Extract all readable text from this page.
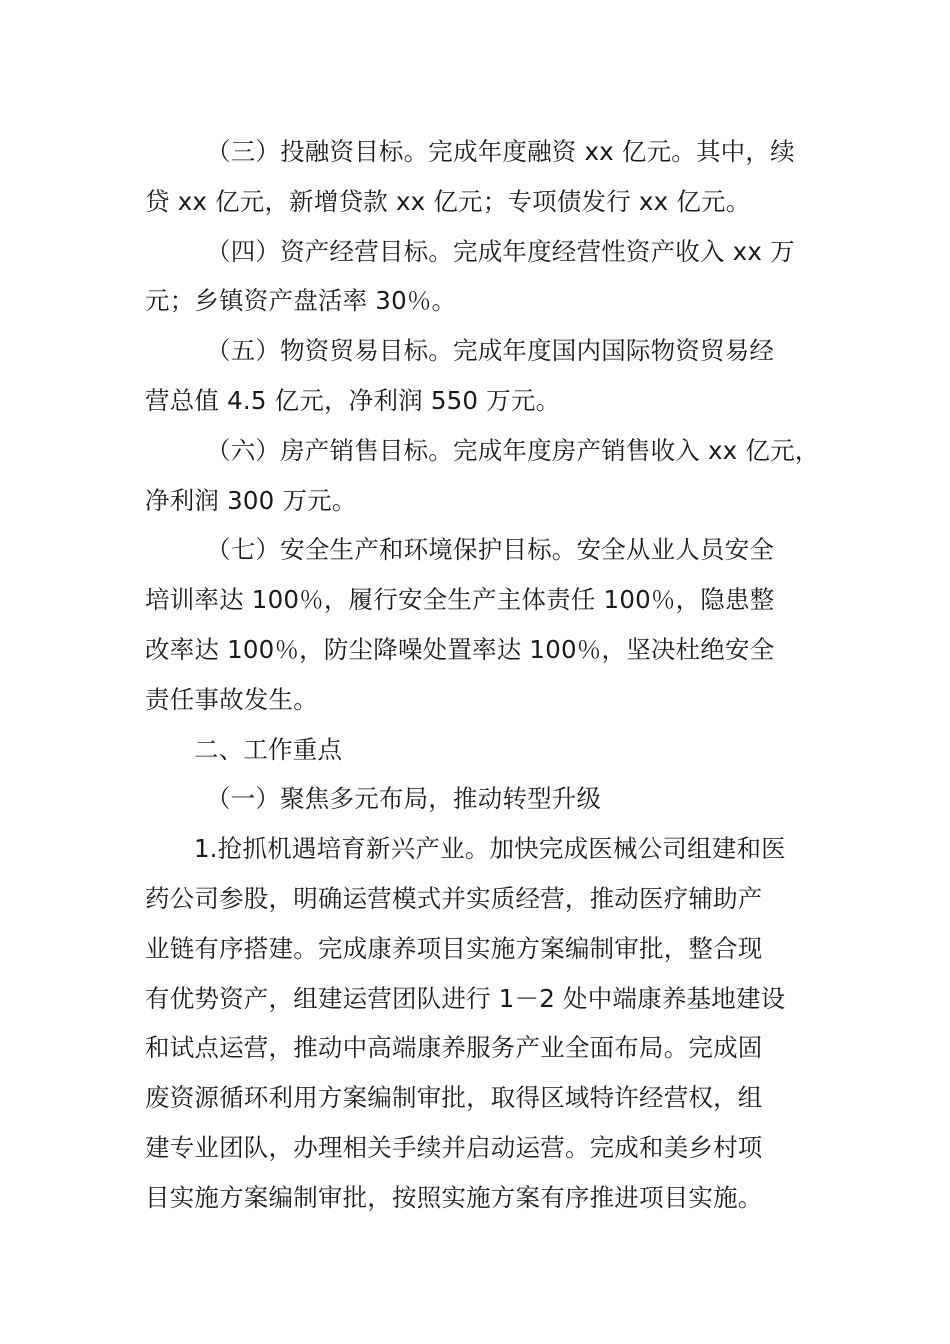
（三）投融资目标。完成年度融资 xx 亿元。其中，续
贷 xx 亿元，新增贷款 xx 亿元；专项债发行 xx 亿元。
（四）资产经营目标。完成年度经营性资产收入 xx 万
元；乡镇资产盘活率 30％。
（五）物资贸易目标。完成年度国内国际物资贸易经
营总值 4.5 亿元，净利润 550 万元。
（六）房产销售目标。完成年度房产销售收入 xx 亿元，
净利润 300 万元。
（七）安全生产和环境保护目标。安全从业人员安全
培训率达 100％，履行安全生产主体责任 100％，隐患整
改率达 100％，防尘降噪处置率达 100％，坚决杜绝安全
责任事故发生。
二、工作重点
（一）聚焦多元布局，推动转型升级
1.抢抓机遇培育新兴产业。加快完成医械公司组建和医
药公司参股，明确运营模式并实质经营，推动医疗辅助产
业链有序搭建。完成康养项目实施方案编制审批，整合现
有优势资产，组建运营团队进行 1－2 处中端康养基地建设
和试点运营，推动中高端康养服务产业全面布局。完成固
废资源循环利用方案编制审批，取得区域特许经营权，组
建专业团队，办理相关手续并启动运营。完成和美乡村项
目实施方案编制审批，按照实施方案有序推进项目实施。
